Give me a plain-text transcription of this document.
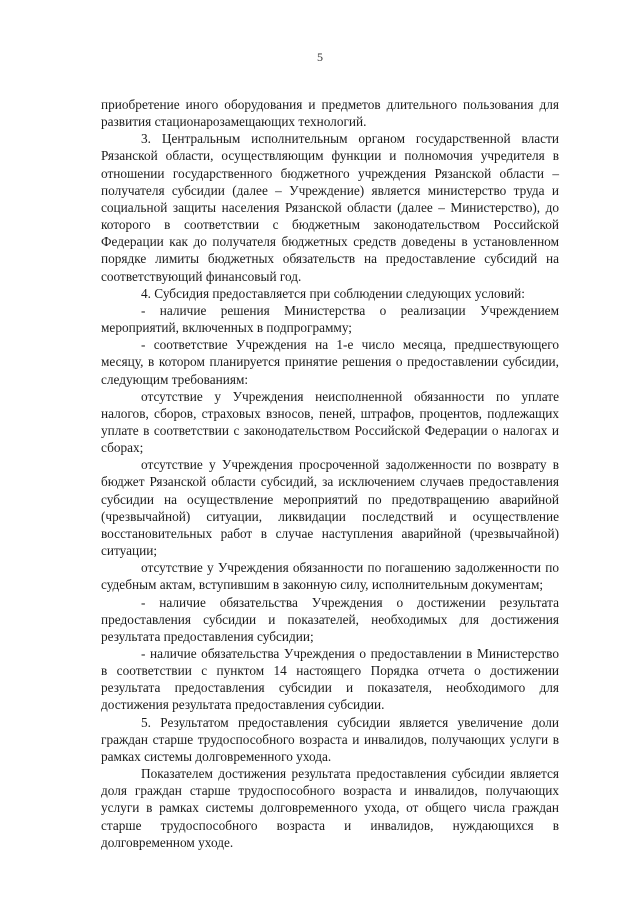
5

приобретение иного оборудования и предметов длительного пользования для развития стационарозамещающих технологий.

3. Центральным исполнительным органом государственной власти Рязанской области, осуществляющим функции и полномочия учредителя в отношении государственного бюджетного учреждения Рязанской области – получателя субсидии (далее – Учреждение) является министерство труда и социальной защиты населения Рязанской области (далее – Министерство), до которого в соответствии с бюджетным законодательством Российской Федерации как до получателя бюджетных средств доведены в установленном порядке лимиты бюджетных обязательств на предоставление субсидий на соответствующий финансовый год.

4. Субсидия предоставляется при соблюдении следующих условий:

- наличие решения Министерства о реализации Учреждением мероприятий, включенных в подпрограмму;

- соответствие Учреждения на 1-е число месяца, предшествующего месяцу, в котором планируется принятие решения о предоставлении субсидии, следующим требованиям:

отсутствие у Учреждения неисполненной обязанности по уплате налогов, сборов, страховых взносов, пеней, штрафов, процентов, подлежащих уплате в соответствии с законодательством Российской Федерации о налогах и сборах;

отсутствие у Учреждения просроченной задолженности по возврату в бюджет Рязанской области субсидий, за исключением случаев предоставления субсидии на осуществление мероприятий по предотвращению аварийной (чрезвычайной) ситуации, ликвидации последствий и осуществление восстановительных работ в случае наступления аварийной (чрезвычайной) ситуации;

отсутствие у Учреждения обязанности по погашению задолженности по судебным актам, вступившим в законную силу, исполнительным документам;

- наличие обязательства Учреждения о достижении результата предоставления субсидии и показателей, необходимых для достижения результата предоставления субсидии;

- наличие обязательства Учреждения о предоставлении в Министерство в соответствии с пунктом 14 настоящего Порядка отчета о достижении результата предоставления субсидии и показателя, необходимого для достижения результата предоставления субсидии.

5. Результатом предоставления субсидии является увеличение доли граждан старше трудоспособного возраста и инвалидов, получающих услуги в рамках системы долговременного ухода.

Показателем достижения результата предоставления субсидии является доля граждан старше трудоспособного возраста и инвалидов, получающих услуги в рамках системы долговременного ухода, от общего числа граждан старше трудоспособного возраста и инвалидов, нуждающихся в долговременном уходе.
